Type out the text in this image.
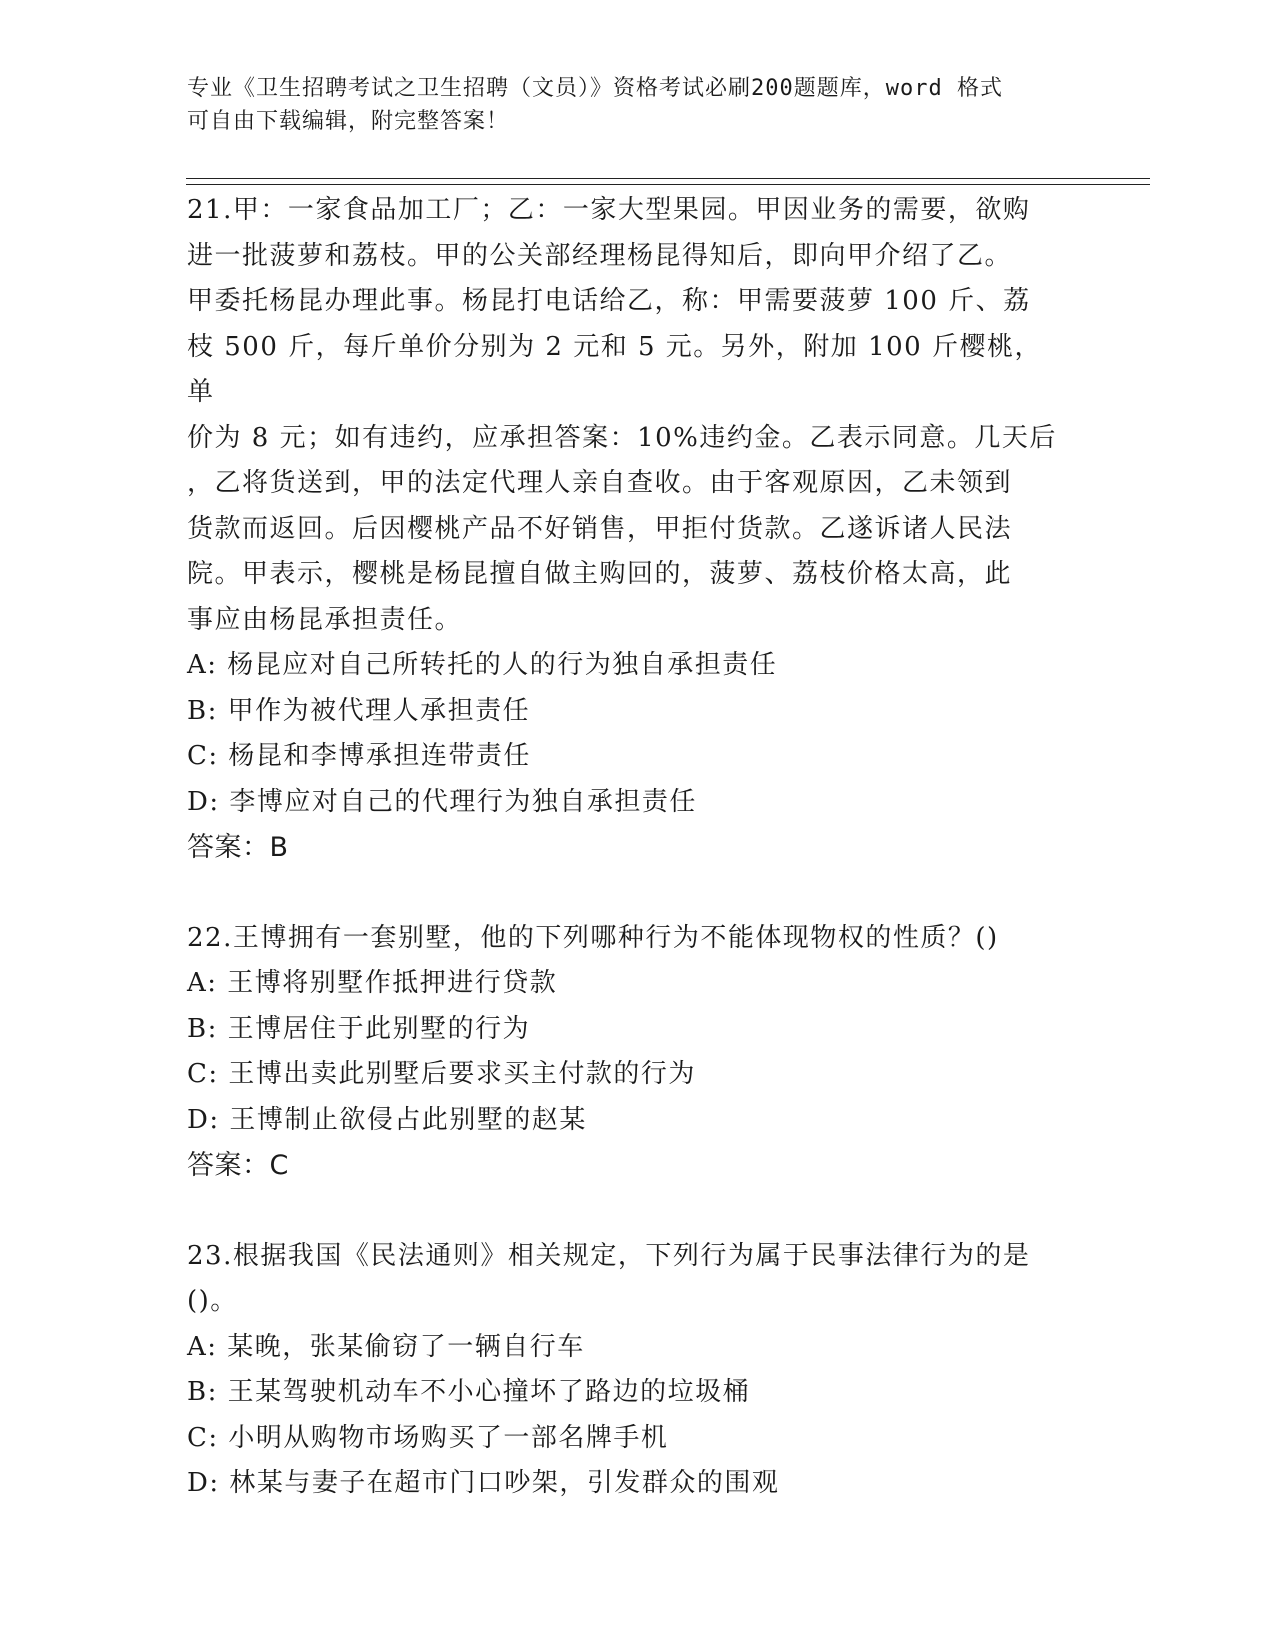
专业《卫生招聘考试之卫生招聘（文员）》资格考试必刷200题题库，word 格式
可自由下载编辑，附完整答案！

21.甲：一家食品加工厂；乙：一家大型果园。甲因业务的需要，欲购

进一批菠萝和荔枝。甲的公关部经理杨昆得知后，即向甲介绍了乙。

甲委托杨昆办理此事。杨昆打电话给乙，称：甲需要菠萝 100 斤、荔

枝 500 斤，每斤单价分别为 2 元和 5 元。另外，附加 100 斤樱桃，单

价为 8 元；如有违约，应承担答案：10%违约金。乙表示同意。几天后

，乙将货送到，甲的法定代理人亲自查收。由于客观原因，乙未领到

货款而返回。后因樱桃产品不好销售，甲拒付货款。乙遂诉诸人民法

院。甲表示，樱桃是杨昆擅自做主购回的，菠萝、荔枝价格太高，此

事应由杨昆承担责任。

A: 杨昆应对自己所转托的人的行为独自承担责任

B: 甲作为被代理人承担责任

C: 杨昆和李博承担连带责任

D: 李博应对自己的代理行为独自承担责任

答案：B

22.王博拥有一套别墅，他的下列哪种行为不能体现物权的性质？()

A: 王博将别墅作抵押进行贷款

B: 王博居住于此别墅的行为

C: 王博出卖此别墅后要求买主付款的行为

D: 王博制止欲侵占此别墅的赵某

答案：C

23.根据我国《民法通则》相关规定，下列行为属于民事法律行为的是

()。

A: 某晚，张某偷窃了一辆自行车

B: 王某驾驶机动车不小心撞坏了路边的垃圾桶

C: 小明从购物市场购买了一部名牌手机

D: 林某与妻子在超市门口吵架，引发群众的围观
